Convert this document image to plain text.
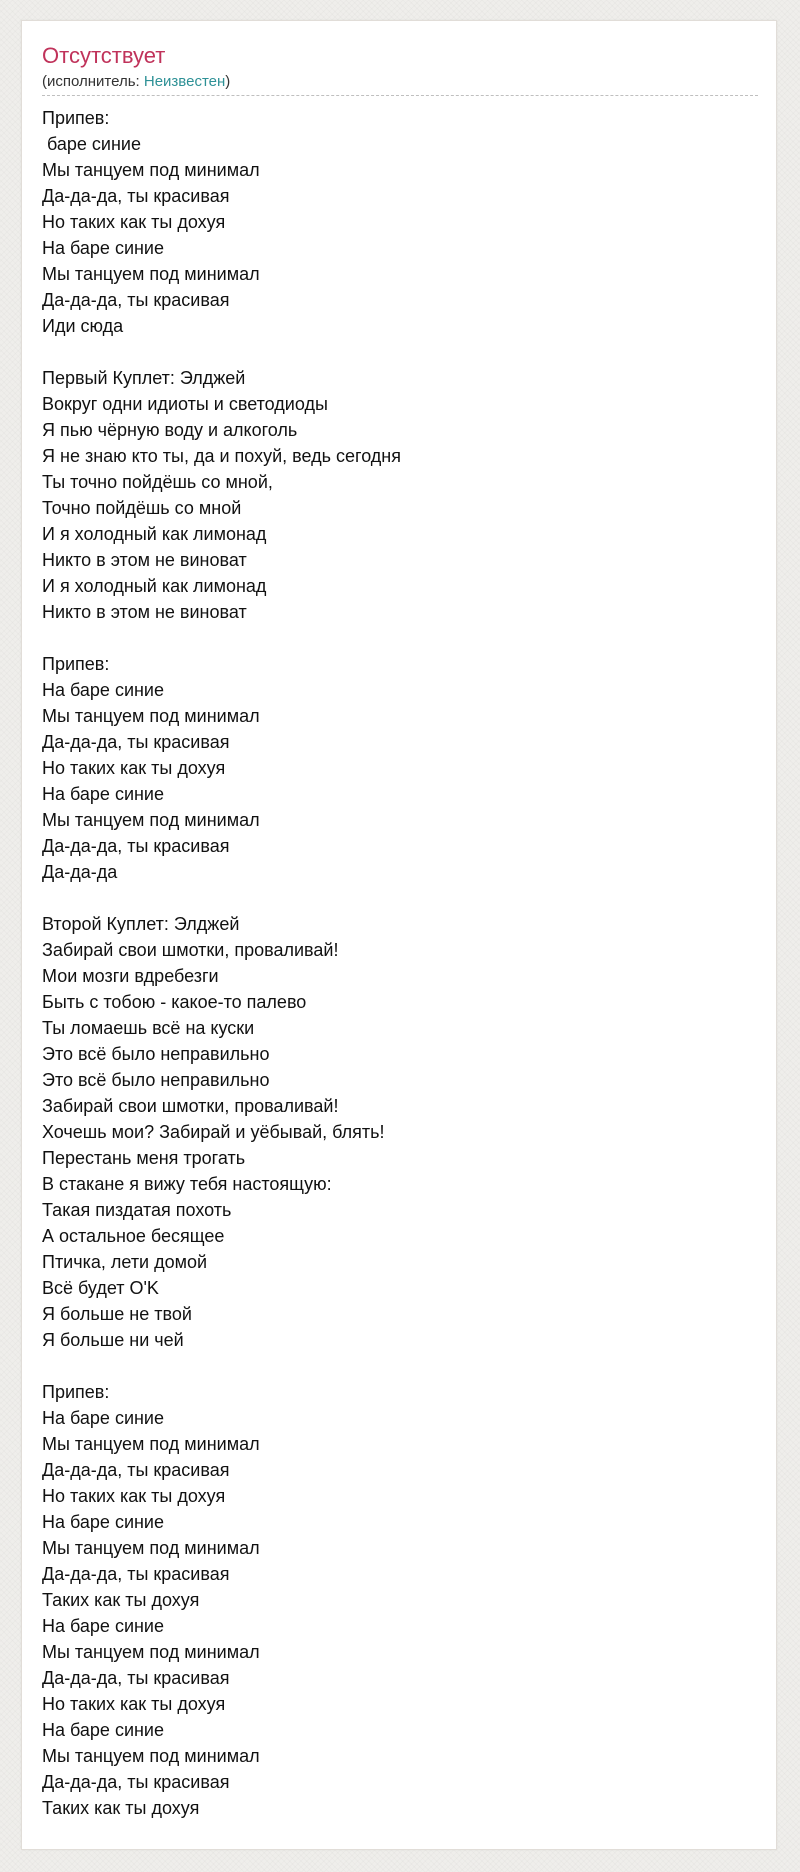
Отсутствует
(исполнитель: Неизвестен)
Припев:
баре синие
Мы танцуем под минимал
Да-да-да, ты красивая
Но таких как ты дохуя
На баре синие
Мы танцуем под минимал
Да-да-да, ты красивая
Иди сюда
Первый Куплет: Элджей
Вокруг одни идиоты и светодиоды
Я пью чёрную воду и алкоголь
Я не знаю кто ты, да и похуй, ведь сегодня
Ты точно пойдёшь со мной,
Точно пойдёшь со мной
И я холодный как лимонад
Никто в этом не виноват
И я холодный как лимонад
Никто в этом не виноват
Припев:
На баре синие
Мы танцуем под минимал
Да-да-да, ты красивая
Но таких как ты дохуя
На баре синие
Мы танцуем под минимал
Да-да-да, ты красивая
Да-да-да
Второй Куплет: Элджей
Забирай свои шмотки, проваливай!
Мои мозги вдребезги
Быть с тобою - какое-то палево
Ты ломаешь всё на куски
Это всё было неправильно
Это всё было неправильно
Забирай свои шмотки, проваливай!
Хочешь мои? Забирай и уёбывай, блять!
Перестань меня трогать
В стакане я вижу тебя настоящую:
Такая пиздатая похоть
А остальное бесящее
Птичка, лети домой
Всё будет O'K
Я больше не твой
Я больше ни чей
Припев:
На баре синие
Мы танцуем под минимал
Да-да-да, ты красивая
Но таких как ты дохуя
На баре синие
Мы танцуем под минимал
Да-да-да, ты красивая
Таких как ты дохуя
На баре синие
Мы танцуем под минимал
Да-да-да, ты красивая
Но таких как ты дохуя
На баре синие
Мы танцуем под минимал
Да-да-да, ты красивая
Таких как ты дохуя
